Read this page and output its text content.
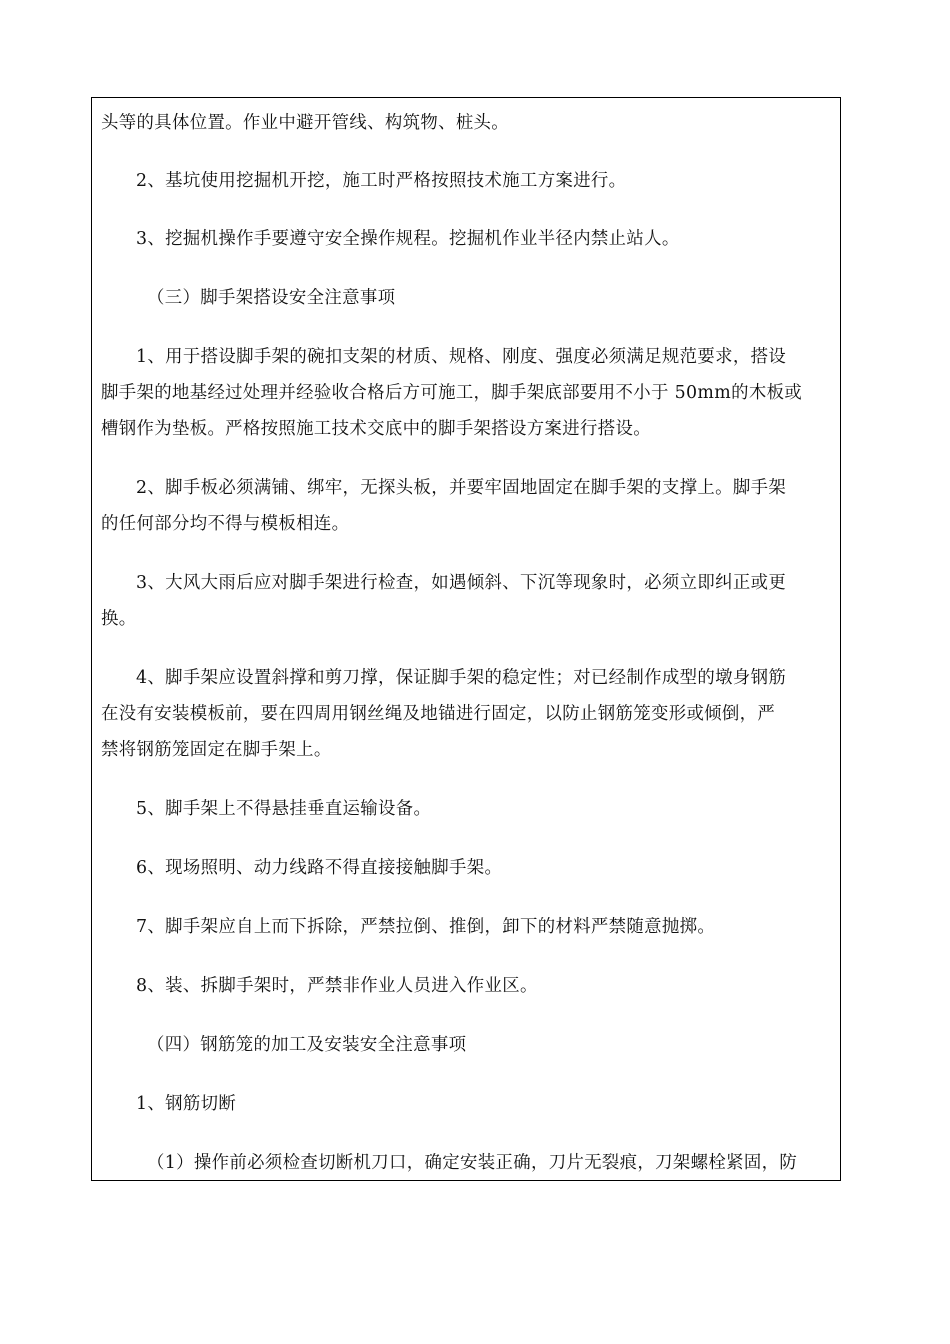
头等的具体位置。作业中避开管线、构筑物、桩头。

2、基坑使用挖掘机开挖，施工时严格按照技术施工方案进行。

3、挖掘机操作手要遵守安全操作规程。挖掘机作业半径内禁止站人。

（三）脚手架搭设安全注意事项

1、用于搭设脚手架的碗扣支架的材质、规格、刚度、强度必须满足规范要求，搭设

脚手架的地基经过处理并经验收合格后方可施工，脚手架底部要用不小于 50mm的木板或

槽钢作为垫板。严格按照施工技术交底中的脚手架搭设方案进行搭设。

2、脚手板必须满铺、绑牢，无探头板，并要牢固地固定在脚手架的支撑上。脚手架

的任何部分均不得与模板相连。

3、大风大雨后应对脚手架进行检查，如遇倾斜、下沉等现象时，必须立即纠正或更

换。

4、脚手架应设置斜撑和剪刀撑，保证脚手架的稳定性；对已经制作成型的墩身钢筋

在没有安装模板前，要在四周用钢丝绳及地锚进行固定，以防止钢筋笼变形或倾倒，严

禁将钢筋笼固定在脚手架上。

5、脚手架上不得悬挂垂直运输设备。

6、现场照明、动力线路不得直接接触脚手架。

7、脚手架应自上而下拆除，严禁拉倒、推倒，卸下的材料严禁随意抛掷。

8、装、拆脚手架时，严禁非作业人员进入作业区。

（四）钢筋笼的加工及安装安全注意事项

1、钢筋切断

（1）操作前必须检查切断机刀口，确定安装正确，刀片无裂痕，刀架螺栓紧固，防
